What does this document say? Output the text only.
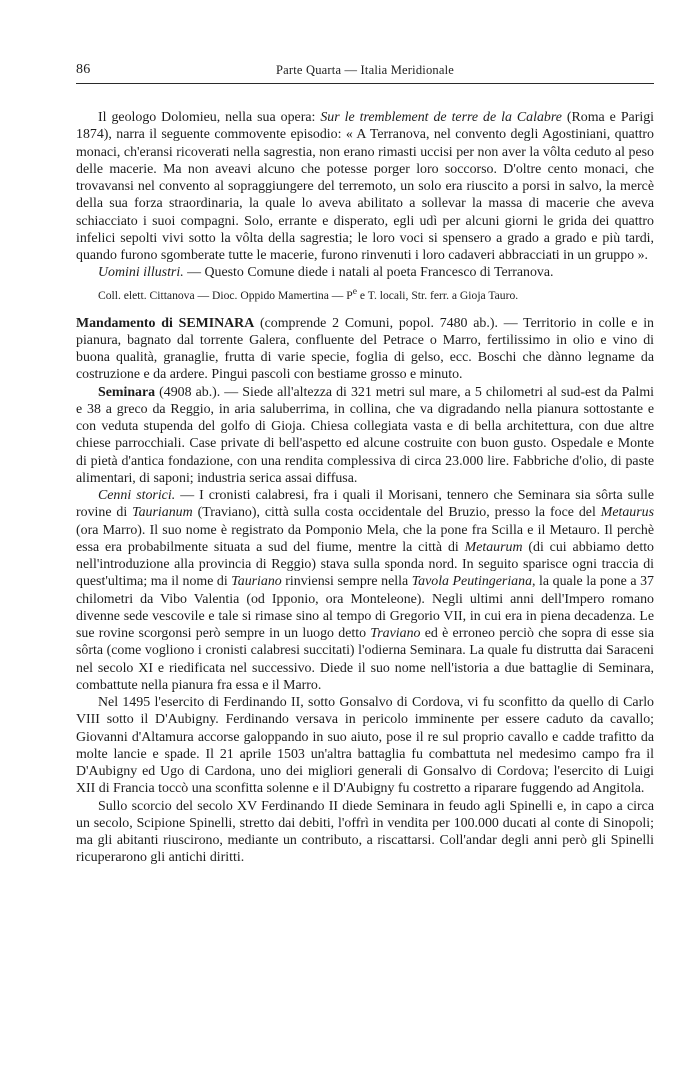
86	Parte Quarta — Italia Meridionale

Il geologo Dolomieu, nella sua opera: Sur le tremblement de terre de la Calabre (Roma e Parigi 1874), narra il seguente commovente episodio: « A Terranova, nel convento degli Agostiniani, quattro monaci, ch'eransi ricoverati nella sagrestia, non erano rimasti uccisi per non aver la vôlta ceduto al peso delle macerie. Ma non aveavi alcuno che potesse porger loro soccorso. D'oltre cento monaci, che trovavansi nel convento al sopraggiungere del terremoto, un solo era riuscito a porsi in salvo, la mercè della sua forza straordinaria, la quale lo aveva abilitato a sollevar la massa di macerie che aveva schiacciato i suoi compagni. Solo, errante e disperato, egli udì per alcuni giorni le grida dei quattro infelici sepolti vivi sotto la vôlta della sagrestia; le loro voci si spensero a grado a grado e più tardi, quando furono sgomberate tutte le macerie, furono rinvenuti i loro cadaveri abbracciati in un gruppo ».

Uomini illustri. — Questo Comune diede i natali al poeta Francesco di Terranova.

Coll. elett. Cittanova — Dioc. Oppido Mamertina — $P^e$ e T. locali, Str. ferr. a Gioja Tauro.

Mandamento di SEMINARA (comprende 2 Comuni, popol. 7480 ab.). — Territorio in colle e in pianura, bagnato dal torrente Galera, confluente del Petrace o Marro, fertilissimo in olio e vino di buona qualità, granaglie, frutta di varie specie, foglia di gelso, ecc. Boschi che dànno legname da costruzione e da ardere. Pingui pascoli con bestiame grosso e minuto.

Seminara (4908 ab.). — Siede all'altezza di 321 metri sul mare, a 5 chilometri al sud-est da Palmi e 38 a greco da Reggio, in aria saluberrima, in collina, che va digradando nella pianura sottostante e con veduta stupenda del golfo di Gioja. Chiesa collegiata vasta e di bella architettura, con due altre chiese parrocchiali. Case private di bell'aspetto ed alcune costruite con buon gusto. Ospedale e Monte di pietà d'antica fondazione, con una rendita complessiva di circa 23.000 lire. Fabbriche d'olio, di paste alimentari, di saponi; industria serica assai diffusa.

Cenni storici. — I cronisti calabresi, fra i quali il Morisani, tennero che Seminara sia sôrta sulle rovine di Taurianum (Traviano), città sulla costa occidentale del Bruzio, presso la foce del Metaurus (ora Marro). Il suo nome è registrato da Pomponio Mela, che la pone fra Scilla e il Metauro. Il perchè essa era probabilmente situata a sud del fiume, mentre la città di Metaurum (di cui abbiamo detto nell'introduzione alla provincia di Reggio) stava sulla sponda nord. In seguito sparisce ogni traccia di quest'ultima; ma il nome di Tauriano rinviensi sempre nella Tavola Peutingeriana, la quale la pone a 37 chilometri da Vibo Valentia (od Ipponio, ora Monteleone). Negli ultimi anni dell'Impero romano divenne sede vescovile e tale si rimase sino al tempo di Gregorio VII, in cui era in piena decadenza. Le sue rovine scorgonsi però sempre in un luogo detto Traviano ed è erroneo perciò che sopra di esse sia sôrta (come vogliono i cronisti calabresi succitati) l'odierna Seminara. La quale fu distrutta dai Saraceni nel secolo XI e riedificata nel successivo. Diede il suo nome nell'istoria a due battaglie di Seminara, combattute nella pianura fra essa e il Marro.

Nel 1495 l'esercito di Ferdinando II, sotto Gonsalvo di Cordova, vi fu sconfitto da quello di Carlo VIII sotto il D'Aubigny. Ferdinando versava in pericolo imminente per essere caduto da cavallo; Giovanni d'Altamura accorse galoppando in suo aiuto, pose il re sul proprio cavallo e cadde trafitto da molte lancie e spade. Il 21 aprile 1503 un'altra battaglia fu combattuta nel medesimo campo fra il D'Aubigny ed Ugo di Cardona, uno dei migliori generali di Gonsalvo di Cordova; l'esercito di Luigi XII di Francia toccò una sconfitta solenne e il D'Aubigny fu costretto a riparare fuggendo ad Angitola.

Sullo scorcio del secolo XV Ferdinando II diede Seminara in feudo agli Spinelli e, in capo a circa un secolo, Scipione Spinelli, stretto dai debiti, l'offrì in vendita per 100.000 ducati al conte di Sinopoli; ma gli abitanti riuscirono, mediante un contributo, a riscattarsi. Coll'andar degli anni però gli Spinelli ricuperarono gli antichi diritti.
